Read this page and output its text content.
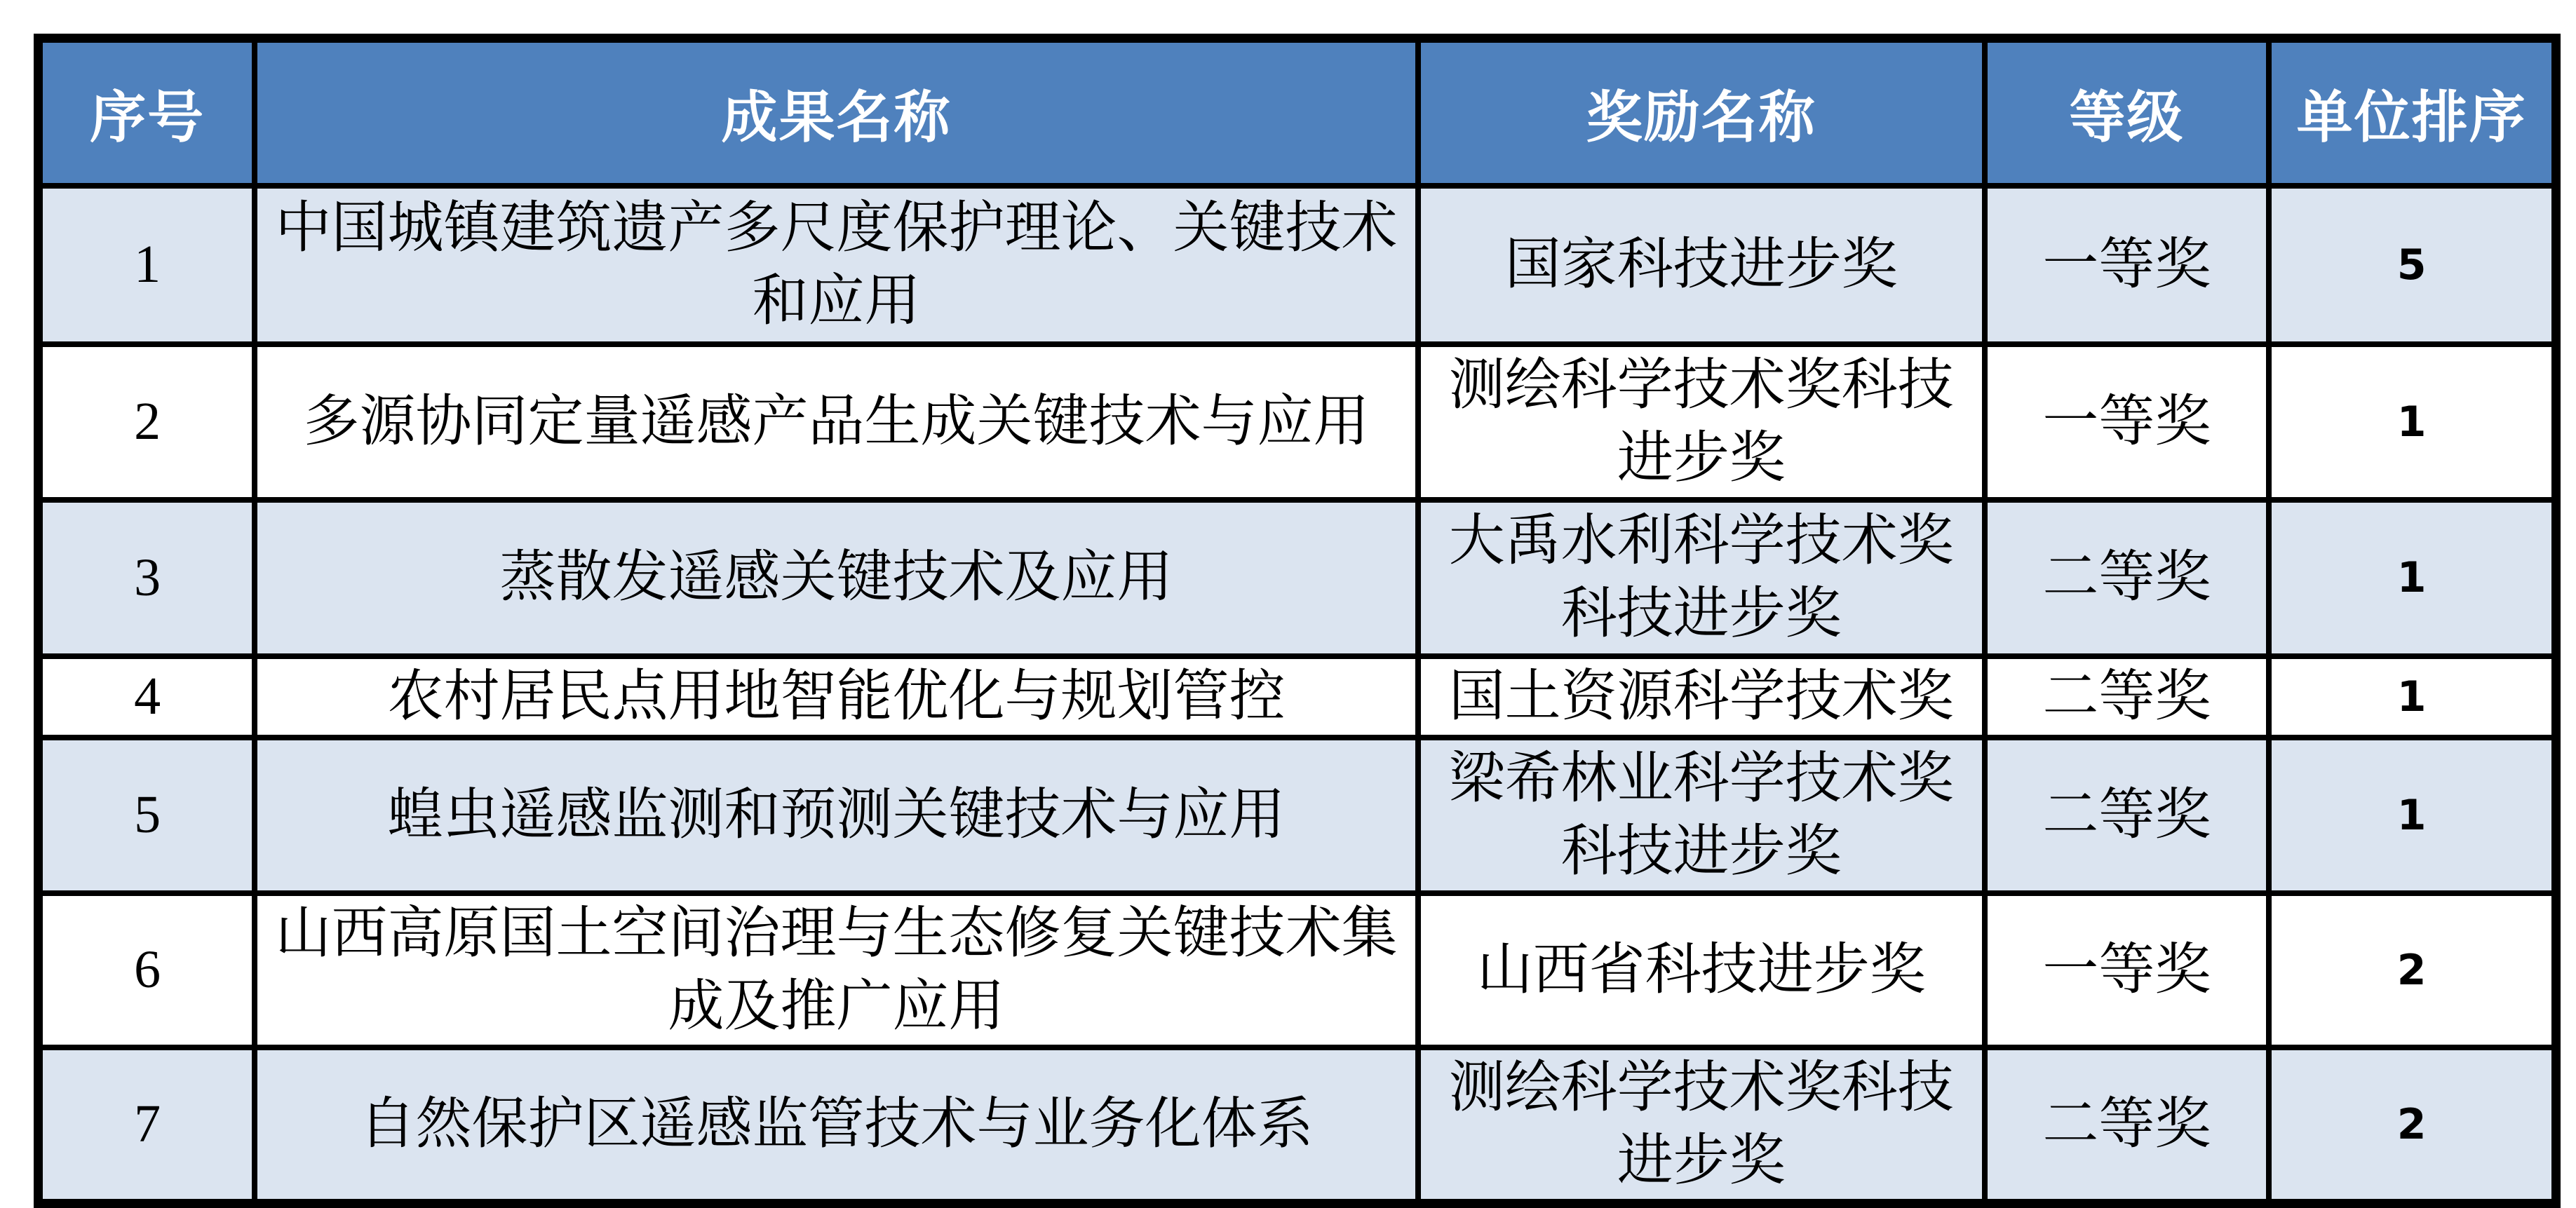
序号	成果名称	奖励名称	等级	单位排序
1	中国城镇建筑遗产多尺度保护理论、关键技术和应用	国家科技进步奖	一等奖	5
2	多源协同定量遥感产品生成关键技术与应用	测绘科学技术奖科技进步奖	一等奖	1
3	蒸散发遥感关键技术及应用	大禹水利科学技术奖科技进步奖	二等奖	1
4	农村居民点用地智能优化与规划管控	国土资源科学技术奖	二等奖	1
5	蝗虫遥感监测和预测关键技术与应用	梁希林业科学技术奖科技进步奖	二等奖	1
6	山西高原国土空间治理与生态修复关键技术集成及推广应用	山西省科技进步奖	一等奖	2
7	自然保护区遥感监管技术与业务化体系	测绘科学技术奖科技进步奖	二等奖	2
